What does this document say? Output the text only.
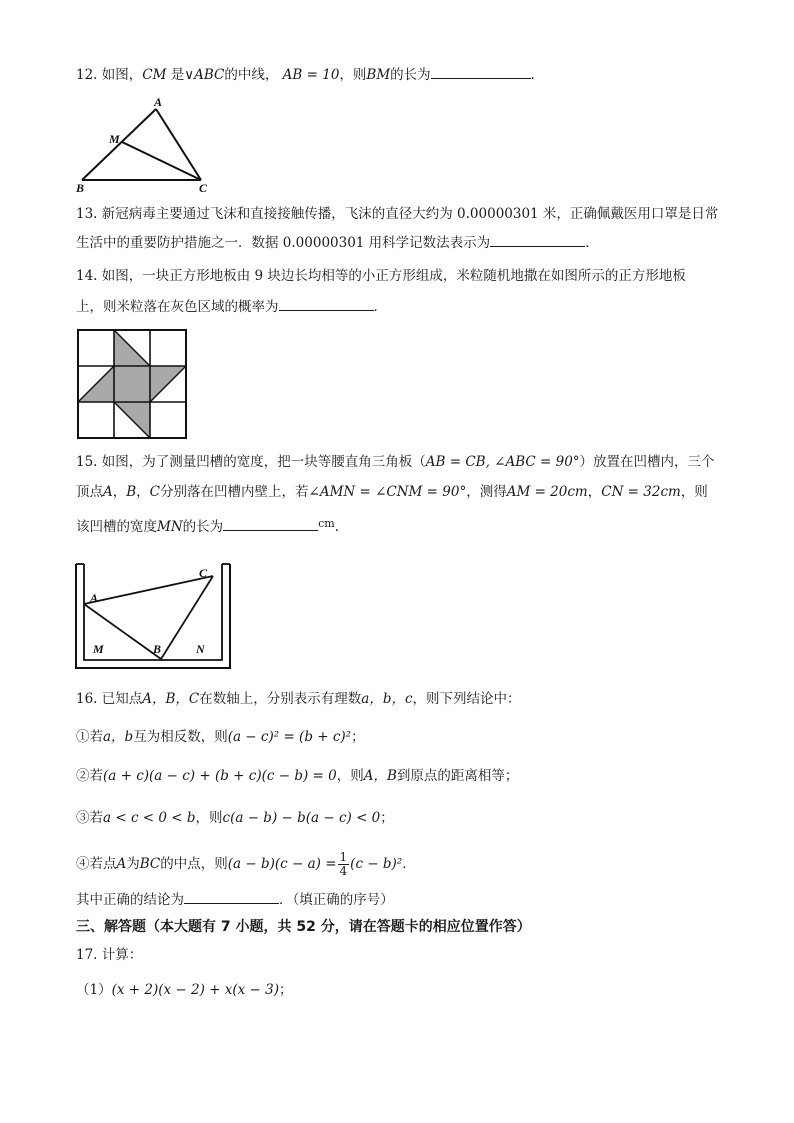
12. 如图，CM 是∨ABC的中线， AB = 10，则BM的长为	．
A
M
B	C
13. 新冠病毒主要通过飞沫和直接接触传播，飞沫的直径大约为 0.00000301 米，正确佩戴医用口罩是日常
生活中的重要防护措施之一．数据 0.00000301 用科学记数法表示为	．
14. 如图，一块正方形地板由 9 块边长均相等的小正方形组成，米粒随机地撒在如图所示的正方形地板
上，则米粒落在灰色区域的概率为	．
15. 如图，为了测量凹槽的宽度，把一块等腰直角三角板（AB = CB, ∠ABC = 90°）放置在凹槽内，三个
顶点A，B，C分别落在凹槽内壁上，若∠AMN = ∠CNM = 90°，测得AM = 20cm，CN = 32cm，则
该凹槽的宽度MN的长为	$^{cm}$．
C
A
M	B	N
16. 已知点A，B，C在数轴上，分别表示有理数a，b，c，则下列结论中：
①若a，b互为相反数，则(a − c)² = (b + c)²；
②若(a + c)(a − c) + (b + c)(c − b) = 0，则A，B到原点的距离相等；
③若a < c < 0 < b，则c(a − b) − b(a − c) < 0；
④若点A为BC的中点，则$(a - b)(c - a) = \frac{1}{4} (c - b)^2$．
其中正确的结论为	．（填正确的序号）
三、解答题（本大题有 7 小题，共 52 分，请在答题卡的相应位置作答）
17. 计算：
（1）(x + 2)(x − 2) + x(x − 3)；
